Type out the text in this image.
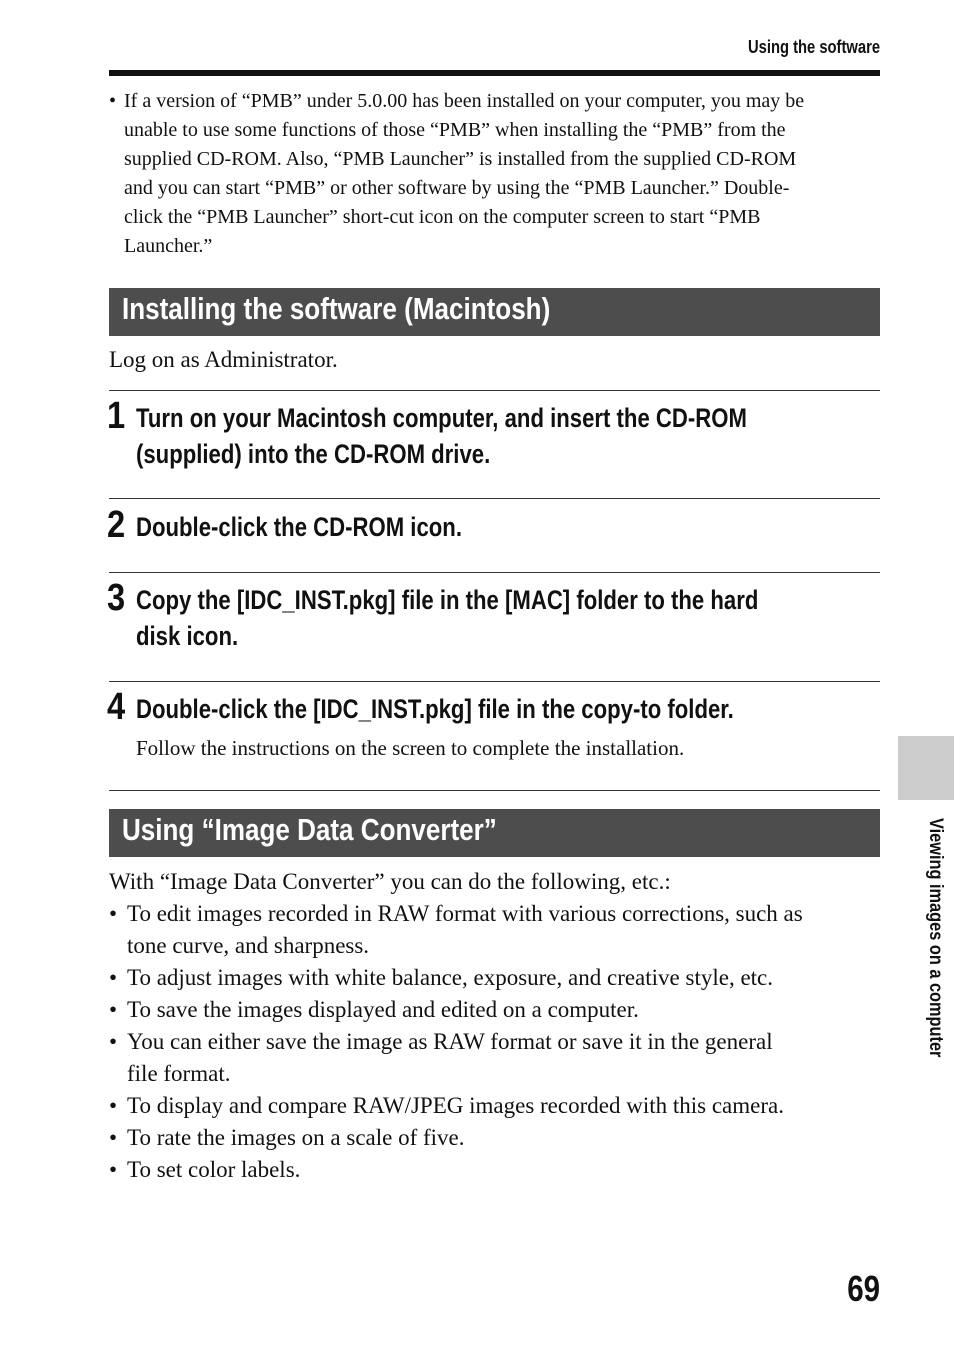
Using the software
• If a version of “PMB” under 5.0.00 has been installed on your computer, you may be
unable to use some functions of those “PMB” when installing the “PMB” from the
supplied CD-ROM. Also, “PMB Launcher” is installed from the supplied CD-ROM
and you can start “PMB” or other software by using the “PMB Launcher.” Double-
click the “PMB Launcher” short-cut icon on the computer screen to start “PMB
Launcher.”
Installing the software (Macintosh)
Log on as Administrator.
1 Turn on your Macintosh computer, and insert the CD-ROM
(supplied) into the CD-ROM drive.
2 Double-click the CD-ROM icon.
3 Copy the [IDC_INST.pkg] file in the [MAC] folder to the hard
disk icon.
4 Double-click the [IDC_INST.pkg] file in the copy-to folder.
Follow the instructions on the screen to complete the installation.
Using “Image Data Converter”

With “Image Data Converter” you can do the following, etc.:

• To edit images recorded in RAW format with various corrections, such as
tone curve, and sharpness.
• To adjust images with white balance, exposure, and creative style, etc.
• To save the images displayed and edited on a computer.
• You can either save the image as RAW format or save it in the general
file format.
• To display and compare RAW/JPEG images recorded with this camera.
• To rate the images on a scale of five.
• To set color labels.
Viewing images on a computer
69
